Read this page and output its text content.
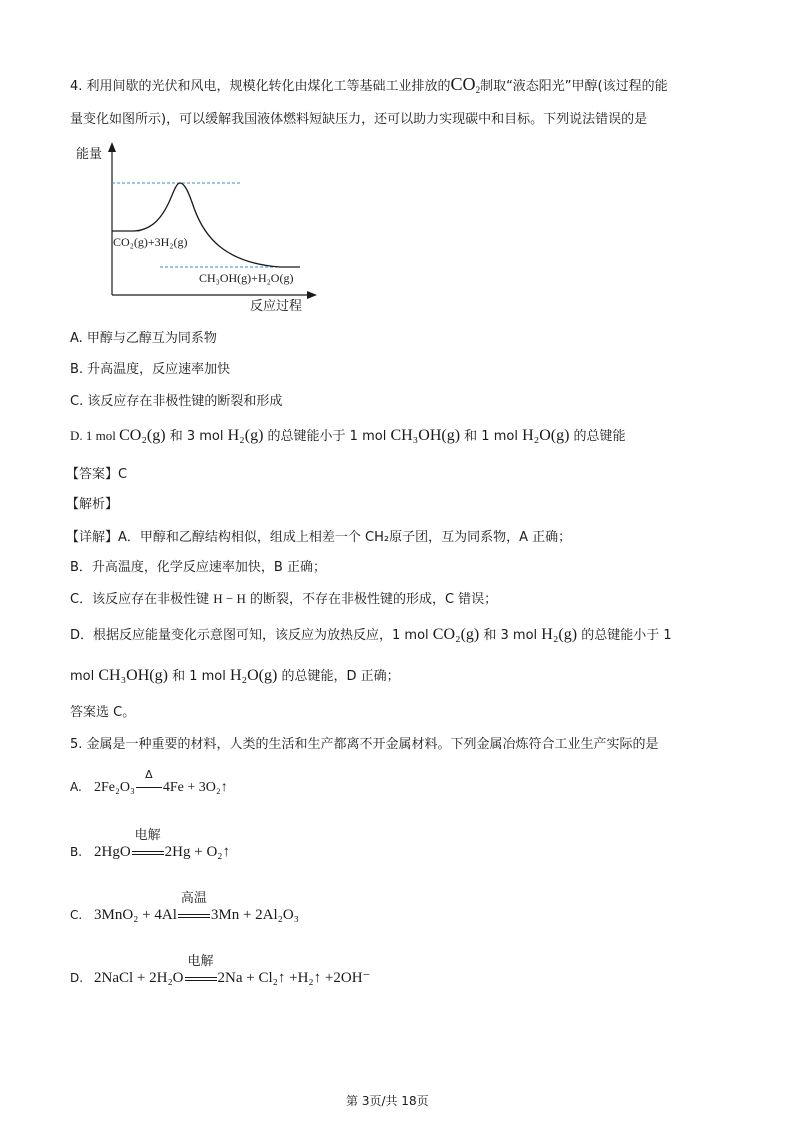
4. 利用间歇的光伏和风电，规模化转化由煤化工等基础工业排放的$CO_2$制取“液态阳光”甲醇(该过程的能
量变化如图所示)，可以缓解我国液体燃料短缺压力，还可以助力实现碳中和目标。下列说法错误的是
能量
反应过程
CO₂(g)+3H₂(g)
CH₃OH(g)+H₂O(g)
A. 甲醇与乙醇互为同系物
B. 升高温度，反应速率加快
C. 该反应存在非极性键的断裂和形成
D. 1 mol CO₂(g) 和 3 mol H₂(g) 的总键能小于 1 mol CH₃OH(g) 和 1 mol H₂O(g) 的总键能
【答案】C
【解析】
【详解】A．甲醇和乙醇结构相似，组成上相差一个 CH₂原子团，互为同系物，A 正确；
B．升高温度，化学反应速率加快，B 正确；
C．该反应存在非极性键 H − H 的断裂，不存在非极性键的形成，C 错误；
D．根据反应能量变化示意图可知，该反应为放热反应，1 mol CO₂(g) 和 3 mol H₂(g) 的总键能小于 1
mol CH₃OH(g) 和 1 mol H₂O(g) 的总键能，D 正确；
答案选 C。
5. 金属是一种重要的材料，人类的生活和生产都离不开金属材料。下列金属冶炼符合工业生产实际的是
A. 2Fe₂O₃
Δ
4Fe + 3O₂↑
B. 2HgO
电解
2Hg + O₂↑
C. 3MnO₂ + 4Al
高温
3Mn + 2Al₂O₃
D. 2NaCl + 2H₂O
电解
2Na + Cl₂↑ +H₂↑ +2OH⁻
第 3页/共 18页
